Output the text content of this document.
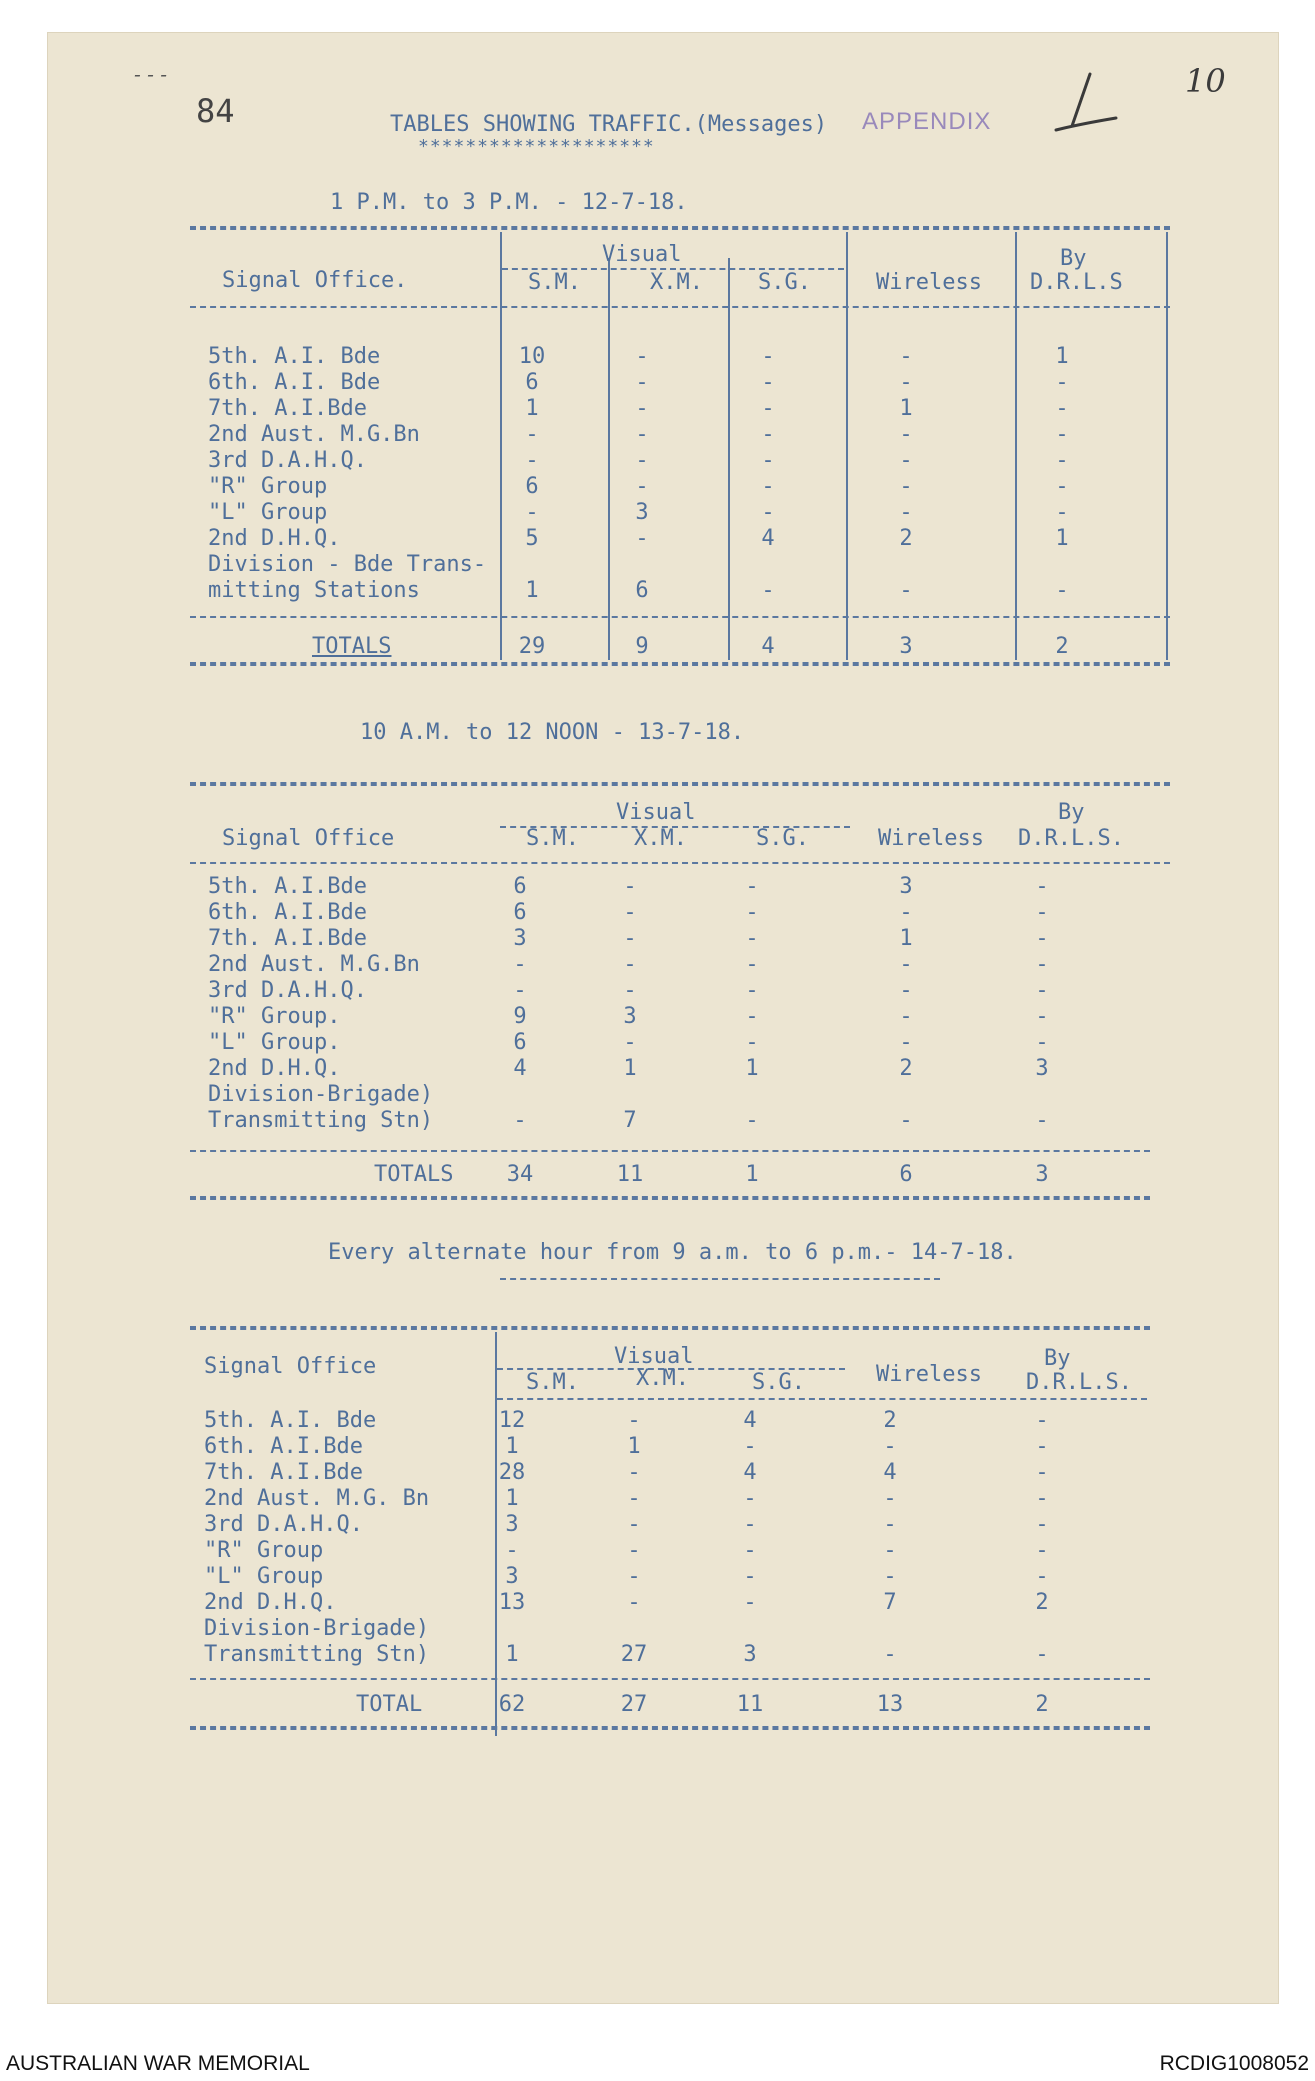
- - -
84
10
TABLES SHOWING TRAFFIC.(Messages) APPENDIX
********************
1 P.M. to 3 P.M. - 12-7-18.
Signal Office.
Visual
S.M.	X.M.	S.G.	Wireless
By
D.R.L.S
5th. A.I. Bde	10	-	-	-	1
6th. A.I. Bde	6	-	-	-	-
7th. A.I.Bde	1	-	-	1	-
2nd Aust. M.G.Bn	-	-	-	-	-
3rd D.A.H.Q.	-	-	-	-	-
"R" Group	6	-	-	-	-
"L" Group	-	3	-	-	-
2nd D.H.Q.	5	-	4	2	1
Division - Bde Trans-
mitting Stations	1	6	-	-	-
TOTALS	29	9	4	3	2
10 A.M. to 12 NOON - 13-7-18.
Signal Office
Visual
S.M.	X.M.	S.G.	Wireless
By
D.R.L.S.
5th. A.I.Bde	6	-	-	3	-
6th. A.I.Bde	6	-	-	-	-
7th. A.I.Bde	3	-	-	1	-
2nd Aust. M.G.Bn	-	-	-	-	-
3rd D.A.H.Q.	-	-	-	-	-
"R" Group.	9	3	-	-	-
"L" Group.	6	-	-	-	-
2nd D.H.Q.	4	1	1	2	3
Division-Brigade)
Transmitting Stn)	-	7	-	-	-
TOTALS	34	11	1	6	3
Every alternate hour from 9 a.m. to 6 p.m.- 14-7-18.
Signal Office	Visual
S.M.	X.M.	S.G.	Wireless
By
D.R.L.S.
5th. A.I. Bde	12	-	4	2	-
6th. A.I.Bde	1	1	-	-	-
7th. A.I.Bde	28	-	4	4	-
2nd Aust. M.G. Bn	1	-	-	-	-
3rd D.A.H.Q.	3	-	-	-	-
"R" Group	-	-	-	-	-
"L" Group	3	-	-	-	-
2nd D.H.Q.	13	-	-	7	2
Division-Brigade)
Transmitting Stn)	1	27	3	-	-
TOTAL	62	27	11	13	2
AUSTRALIAN WAR MEMORIAL	RCDIG1008052
